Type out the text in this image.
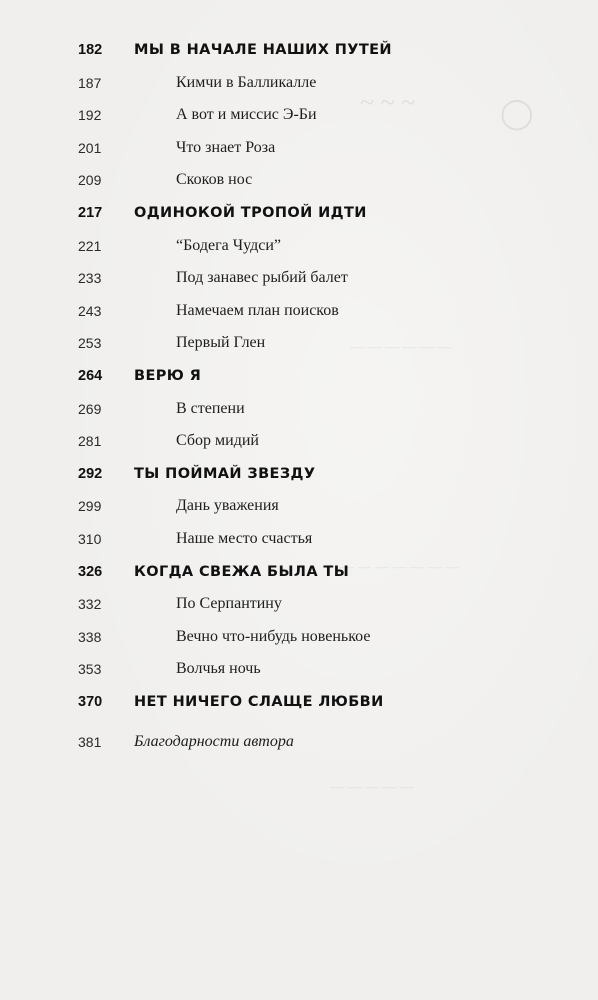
~ ~ ~	◯
— — — — — —
— — — — — — —
— — — — —
182 МЫ В НАЧАЛЕ НАШИХ ПУТЕЙ
187	Кимчи в Балликалле
192	А вот и миссис Э-Би
201	Что знает Роза
209	Скоков нос
217 ОДИНОКОЙ ТРОПОЙ ИДТИ
221	“Бодега Чудси”
233	Под занавес рыбий балет
243	Намечаем план поисков
253	Первый Глен
264 ВЕРЮ Я
269	В степени
281	Сбор мидий
292 ТЫ ПОЙМАЙ ЗВЕЗДУ
299	Дань уважения
310	Наше место счастья
326 КОГДА СВЕЖА БЫЛА ТЫ
332	По Серпантину
338	Вечно что-нибудь новенькое
353	Волчья ночь
370 НЕТ НИЧЕГО СЛАЩЕ ЛЮБВИ
381 Благодарности автора
